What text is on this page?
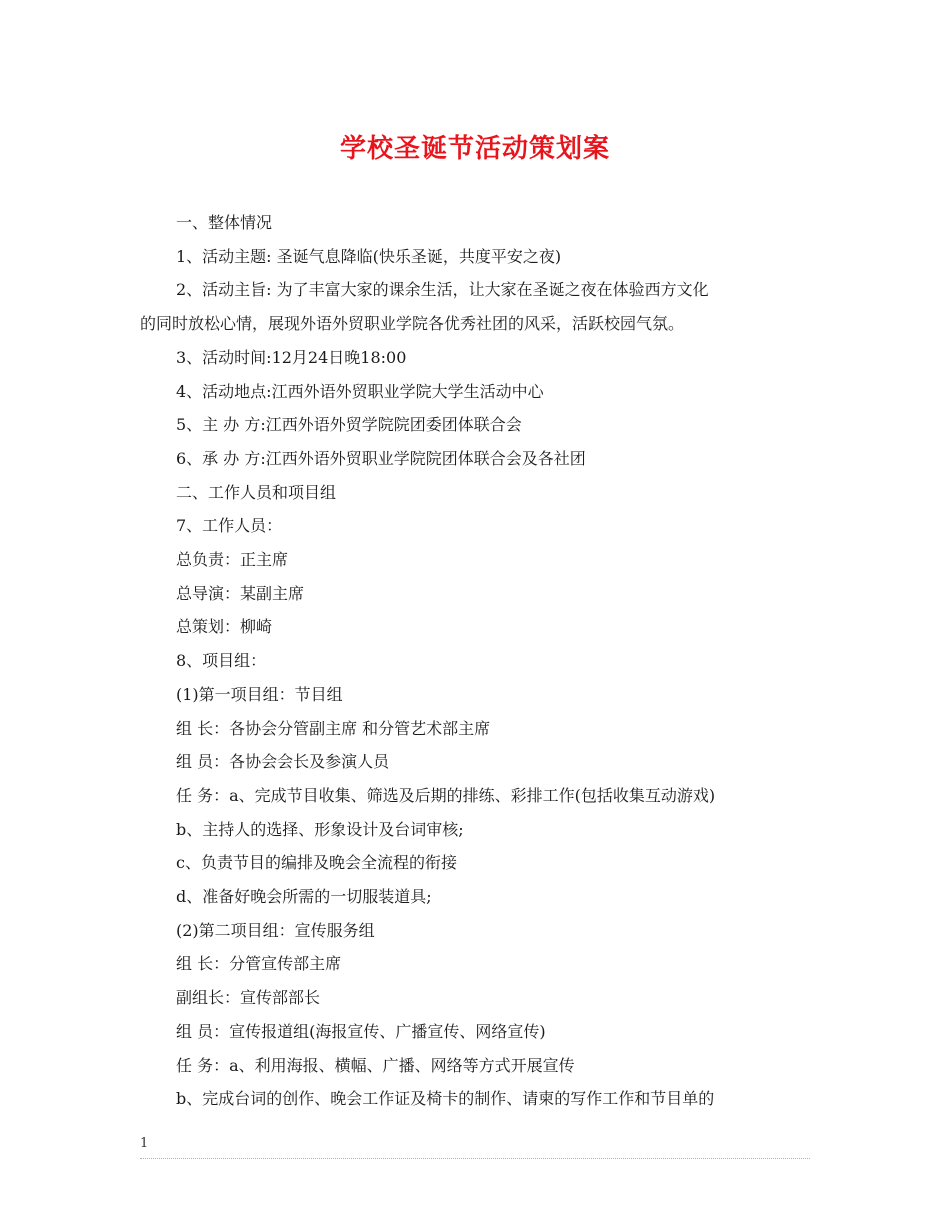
学校圣诞节活动策划案
一、整体情况
1、活动主题: 圣诞气息降临(快乐圣诞，共度平安之夜)
2、活动主旨: 为了丰富大家的课余生活，让大家在圣诞之夜在体验西方文化
的同时放松心情，展现外语外贸职业学院各优秀社团的风采，活跃校园气氛。
3、活动时间:12月24日晚18:00
4、活动地点:江西外语外贸职业学院大学生活动中心
5、主 办 方:江西外语外贸学院院团委团体联合会
6、承 办 方:江西外语外贸职业学院院团体联合会及各社团
二、工作人员和项目组
7、工作人员：
总负责：正主席
总导演：某副主席
总策划：柳崎
8、项目组：
(1)第一项目组：节目组
组 长：各协会分管副主席 和分管艺术部主席
组 员：各协会会长及参演人员
任 务：a、完成节目收集、筛选及后期的排练、彩排工作(包括收集互动游戏)
b、主持人的选择、形象设计及台词审核;
c、负责节目的编排及晚会全流程的衔接
d、准备好晚会所需的一切服装道具;
(2)第二项目组：宣传服务组
组 长：分管宣传部主席
副组长：宣传部部长
组 员：宣传报道组(海报宣传、广播宣传、网络宣传)
任 务：a、利用海报、横幅、广播、网络等方式开展宣传
b、完成台词的创作、晚会工作证及椅卡的制作、请柬的写作工作和节目单的
1
